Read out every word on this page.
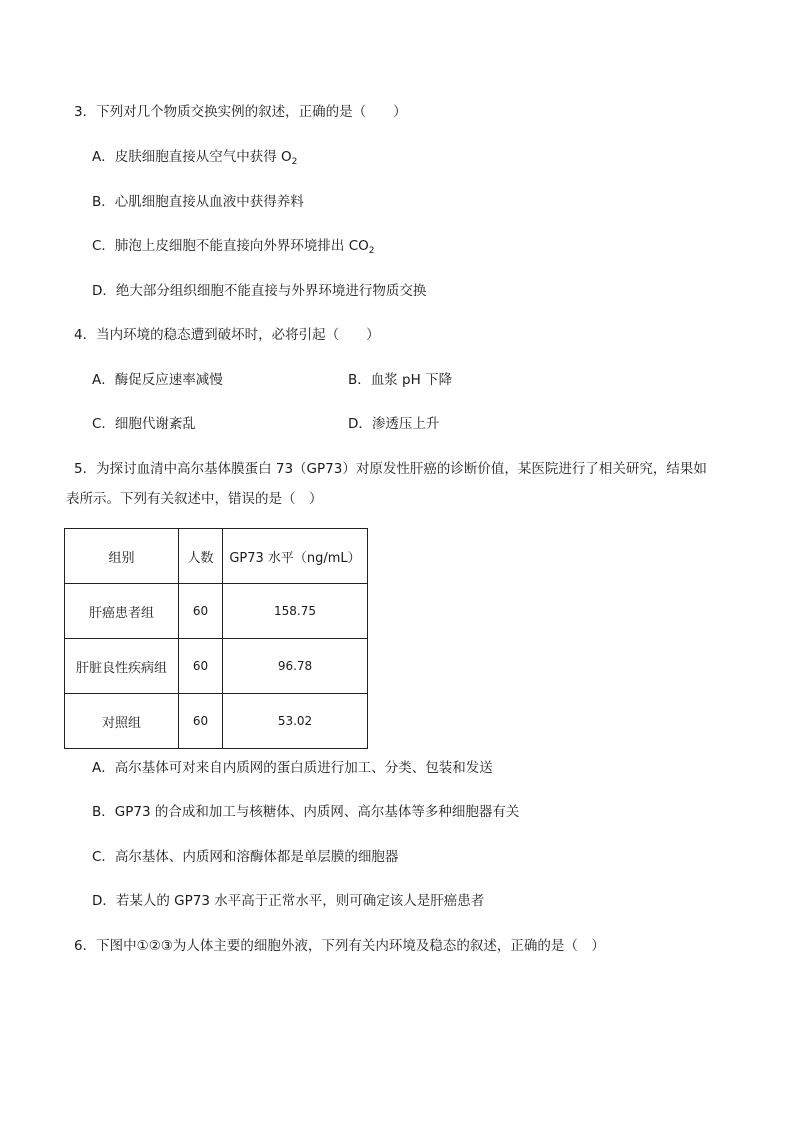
3．下列对几个物质交换实例的叙述，正确的是（　　）
A．皮肤细胞直接从空气中获得 $O_2$
B．心肌细胞直接从血液中获得养料
C．肺泡上皮细胞不能直接向外界环境排出 $CO_2$
D．绝大部分组织细胞不能直接与外界环境进行物质交换
4．当内环境的稳态遭到破坏时，必将引起（　　）
A．酶促反应速率减慢	B．血浆 pH 下降
C．细胞代谢紊乱	D．渗透压上升
5．为探讨血清中高尔基体膜蛋白 73（GP73）对原发性肝癌的诊断价值，某医院进行了相关研究，结果如
表所示。下列有关叙述中，错误的是（　）
组别	人数	GP73 水平（ng/mL）
肝癌患者组	60	158.75
肝脏良性疾病组	60	96.78
对照组	60	53.02
A．高尔基体可对来自内质网的蛋白质进行加工、分类、包装和发送
B．GP73 的合成和加工与核糖体、内质网、高尔基体等多种细胞器有关
C．高尔基体、内质网和溶酶体都是单层膜的细胞器
D．若某人的 GP73 水平高于正常水平，则可确定该人是肝癌患者
6．下图中①②③为人体主要的细胞外液，下列有关内环境及稳态的叙述，正确的是（　）
